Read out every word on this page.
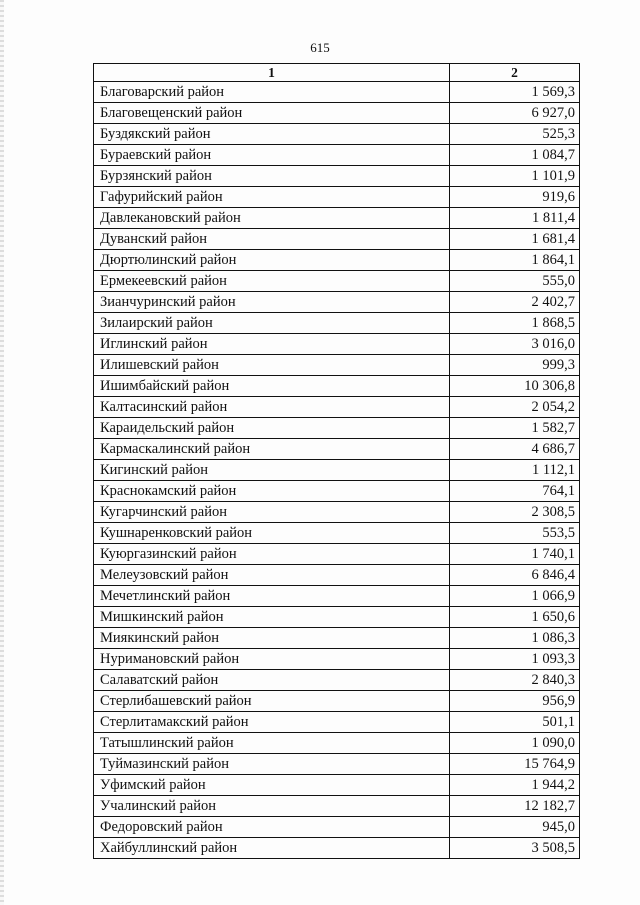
615
1	2
Благоварский район	1 569,3
Благовещенский район	6 927,0
Буздякский район	525,3
Бураевский район	1 084,7
Бурзянский район	1 101,9
Гафурийский район	919,6
Давлекановский район	1 811,4
Дуванский район	1 681,4
Дюртюлинский район	1 864,1
Ермекеевский район	555,0
Зианчуринский район	2 402,7
Зилаирский район	1 868,5
Иглинский район	3 016,0
Илишевский район	999,3
Ишимбайский район	10 306,8
Калтасинский район	2 054,2
Караидельский район	1 582,7
Кармаскалинский район	4 686,7
Кигинский район	1 112,1
Краснокамский район	764,1
Кугарчинский район	2 308,5
Кушнаренковский район	553,5
Куюргазинский район	1 740,1
Мелеузовский район	6 846,4
Мечетлинский район	1 066,9
Мишкинский район	1 650,6
Миякинский район	1 086,3
Нуримановский район	1 093,3
Салаватский район	2 840,3
Стерлибашевский район	956,9
Стерлитамакский район	501,1
Татышлинский район	1 090,0
Туймазинский район	15 764,9
Уфимский район	1 944,2
Учалинский район	12 182,7
Федоровский район	945,0
Хайбуллинский район	3 508,5
